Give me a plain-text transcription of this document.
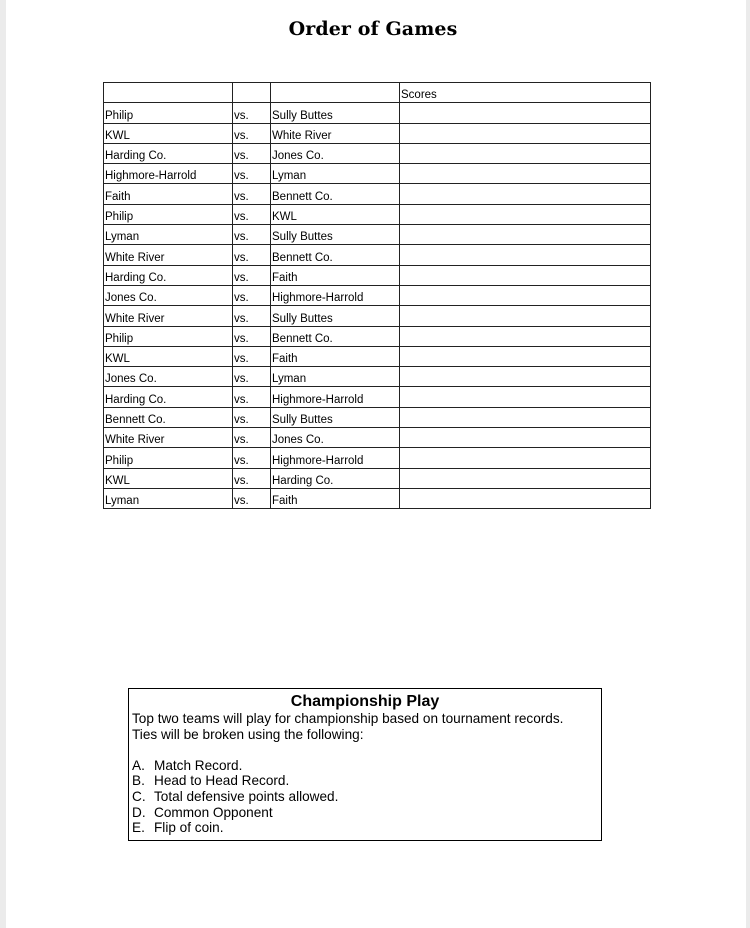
Order of Games
			Scores
Philip	vs.	Sully Buttes	
KWL	vs.	White River	
Harding Co.	vs.	Jones Co.	
Highmore-Harrold	vs.	Lyman	
Faith	vs.	Bennett Co.	
Philip	vs.	KWL	
Lyman	vs.	Sully Buttes	
White River	vs.	Bennett Co.	
Harding Co.	vs.	Faith	
Jones Co.	vs.	Highmore-Harrold	
White River	vs.	Sully Buttes	
Philip	vs.	Bennett Co.	
KWL	vs.	Faith	
Jones Co.	vs.	Lyman	
Harding Co.	vs.	Highmore-Harrold	
Bennett Co.	vs.	Sully Buttes	
White River	vs.	Jones Co.	
Philip	vs.	Highmore-Harrold	
KWL	vs.	Harding Co.	
Lyman	vs.	Faith	
Championship Play
Top two teams will play for championship based on tournament records.
Ties will be broken using the following:
A. Match Record.
B. Head to Head Record.
C. Total defensive points allowed.
D. Common Opponent
E. Flip of coin.
